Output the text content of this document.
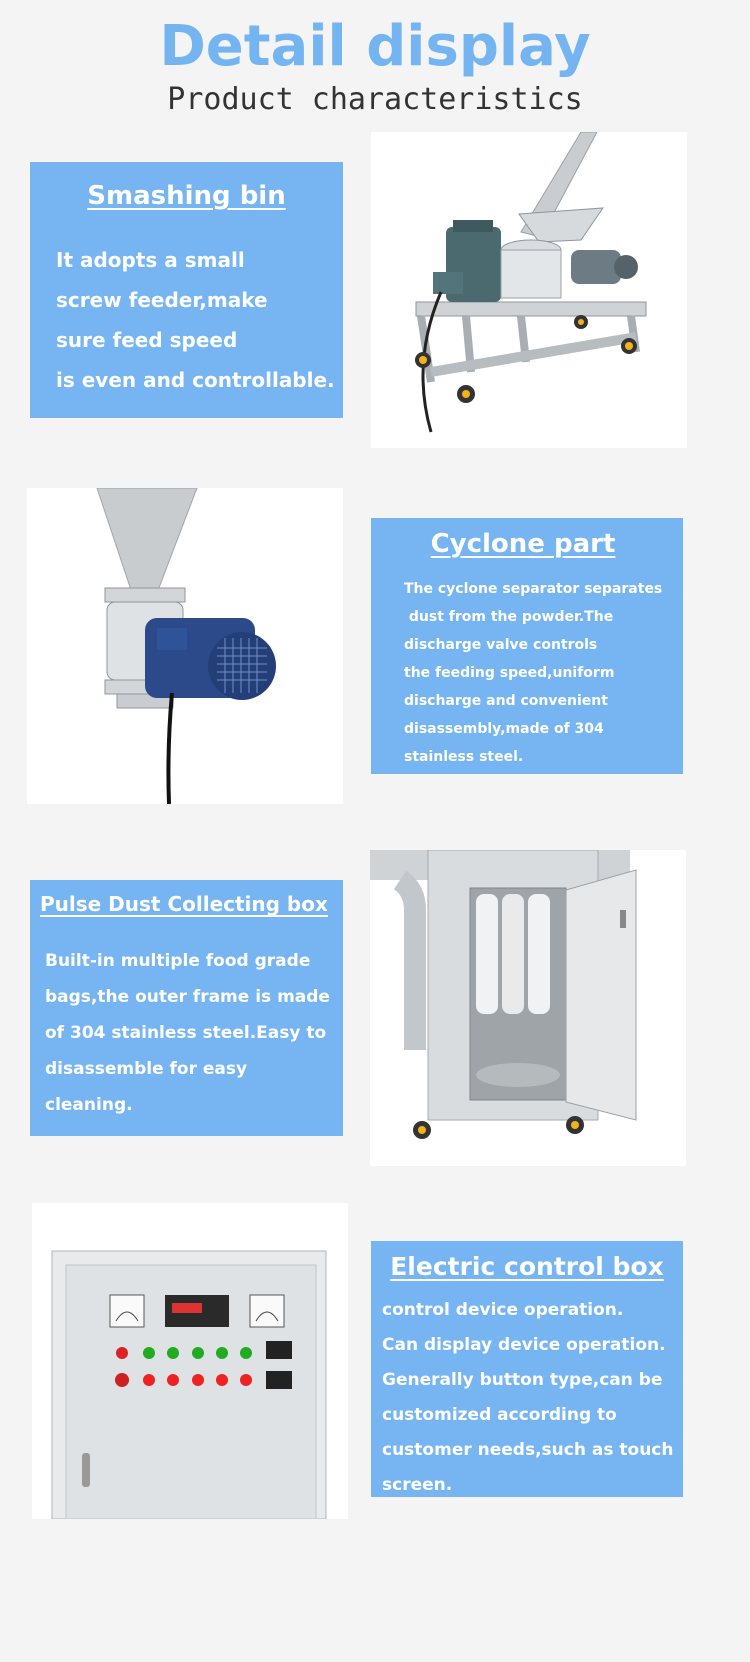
Detail display
Product characteristics
Smashing bin
It adopts a small
screw feeder,make
sure feed speed
is even and controllable.
Cyclone part
The cyclone separator separates
dust from the powder.The
discharge valve controls
the feeding speed,uniform
discharge and convenient
disassembly,made of 304
stainless steel.
Pulse Dust Collecting box
Built-in multiple food grade
bags,the outer frame is made
of 304 stainless steel.Easy to
disassemble for easy
cleaning.
Electric control box
control device operation.
Can display device operation.
Generally button type,can be
customized according to
customer needs,such as touch
screen.
